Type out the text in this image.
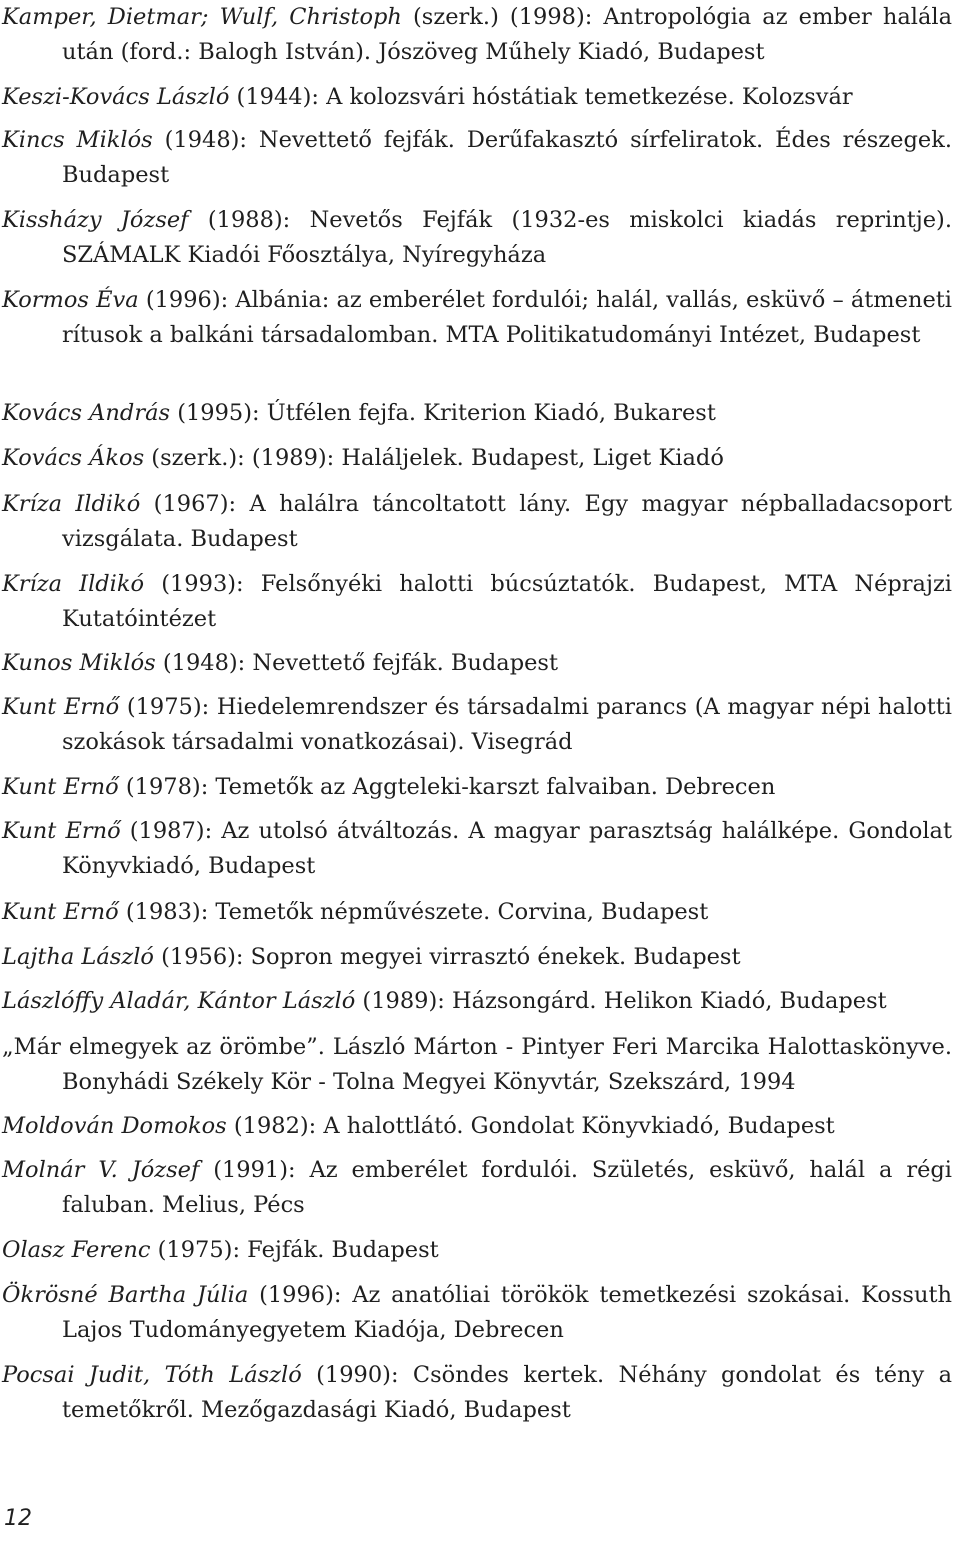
Kamper, Dietmar; Wulf, Christoph (szerk.) (1998): Antropológia az ember halála után (ford.: Balogh István). Jószöveg Műhely Kiadó, Budapest
Keszi-Kovács László (1944): A kolozsvári hóstátiak temetkezése. Kolozsvár
Kincs Miklós (1948): Nevettető fejfák. Derűfakasztó sírfeliratok. Édes részegek. Budapest
Kissházy József (1988): Nevetős Fejfák (1932-es miskolci kiadás reprintje). SZÁMALK Kiadói Főosztálya, Nyíregyháza
Kormos Éva (1996): Albánia: az emberélet fordulói; halál, vallás, esküvő – átmeneti rítusok a balkáni társadalomban. MTA Politikatudományi Intézet, Budapest
Kovács András (1995): Útfélen fejfa. Kriterion Kiadó, Bukarest
Kovács Ákos (szerk.): (1989): Haláljelek. Budapest, Liget Kiadó
Kríza Ildikó (1967): A halálra táncoltatott lány. Egy magyar népballadacsoport vizsgálata. Budapest
Kríza Ildikó (1993): Felsőnyéki halotti búcsúztatók. Budapest, MTA Néprajzi Kutatóintézet
Kunos Miklós (1948): Nevettető fejfák. Budapest
Kunt Ernő (1975): Hiedelemrendszer és társadalmi parancs (A magyar népi halotti szokások társadalmi vonatkozásai). Visegrád
Kunt Ernő (1978): Temetők az Aggteleki-karszt falvaiban. Debrecen
Kunt Ernő (1987): Az utolsó átváltozás. A magyar parasztság halálképe. Gondolat Könyvkiadó, Budapest
Kunt Ernő (1983): Temetők népművészete. Corvina, Budapest
Lajtha László (1956): Sopron megyei virrasztó énekek. Budapest
Lászlóffy Aladár, Kántor László (1989): Házsongárd. Helikon Kiadó, Budapest
„Már elmegyek az örömbe”. László Márton - Pintyer Feri Marcika Halottaskönyve. Bonyhádi Székely Kör - Tolna Megyei Könyvtár, Szekszárd, 1994
Moldován Domokos (1982): A halottlátó. Gondolat Könyvkiadó, Budapest
Molnár V. József (1991): Az emberélet fordulói. Születés, esküvő, halál a régi faluban. Melius, Pécs
Olasz Ferenc (1975): Fejfák. Budapest
Ökrösné Bartha Júlia (1996): Az anatóliai törökök temetkezési szokásai. Kossuth Lajos Tudományegyetem Kiadója, Debrecen
Pocsai Judit, Tóth László (1990): Csöndes kertek. Néhány gondolat és tény a temetőkről. Mezőgazdasági Kiadó, Budapest
12
